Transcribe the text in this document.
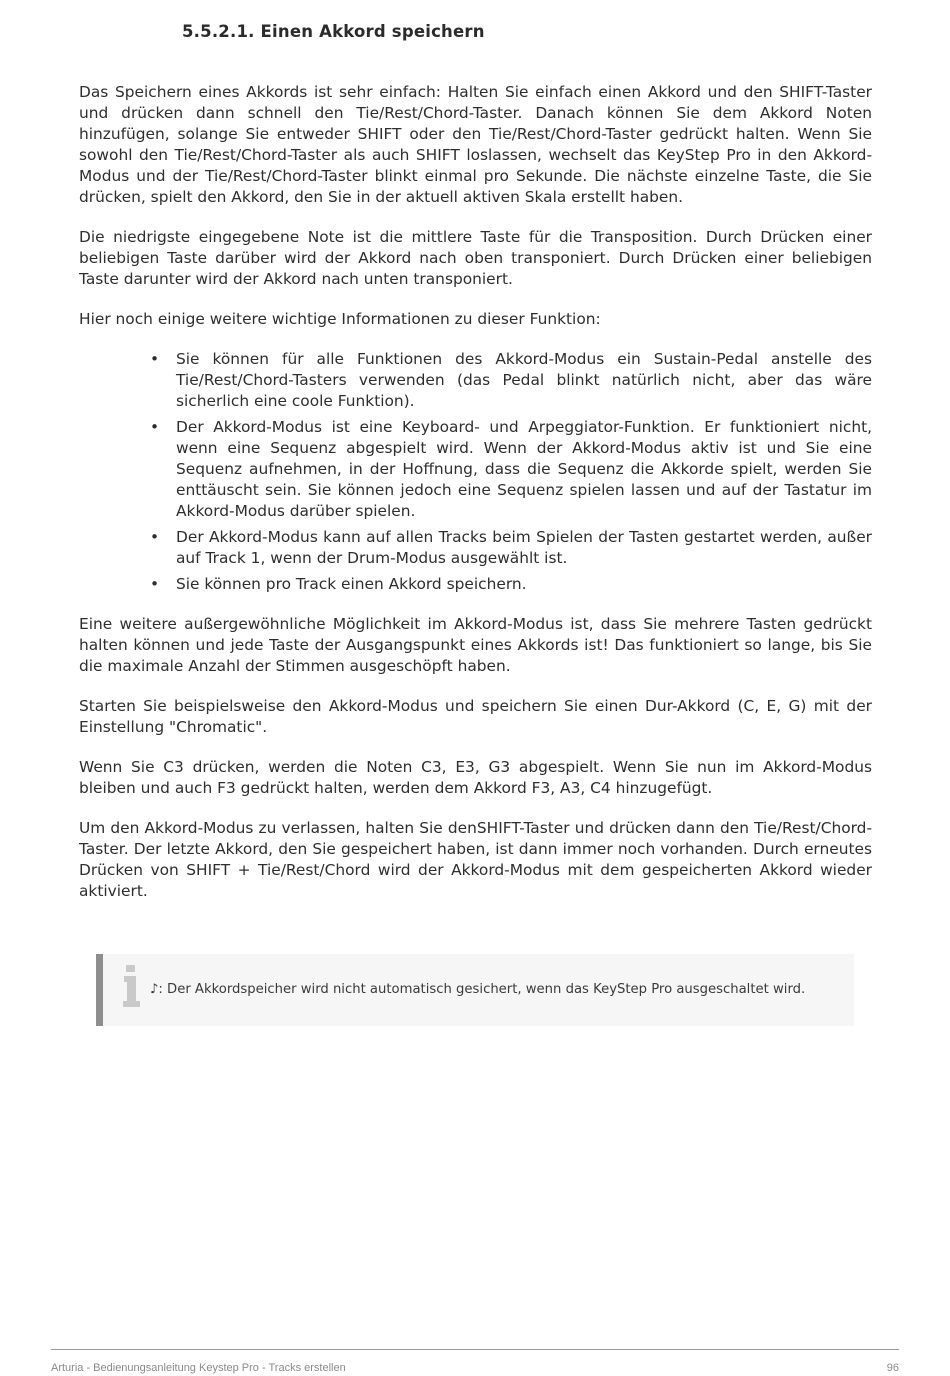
5.5.2.1. Einen Akkord speichern

Das Speichern eines Akkords ist sehr einfach: Halten Sie einfach einen Akkord und den SHIFT-Taster und drücken dann schnell den Tie/Rest/Chord-Taster. Danach können Sie dem Akkord Noten hinzufügen, solange Sie entweder SHIFT oder den Tie/Rest/Chord-Taster gedrückt halten. Wenn Sie sowohl den Tie/Rest/Chord-Taster als auch SHIFT loslassen, wechselt das KeyStep Pro in den Akkord-Modus und der Tie/Rest/Chord-Taster blinkt einmal pro Sekunde. Die nächste einzelne Taste, die Sie drücken, spielt den Akkord, den Sie in der aktuell aktiven Skala erstellt haben.

Die niedrigste eingegebene Note ist die mittlere Taste für die Transposition. Durch Drücken einer beliebigen Taste darüber wird der Akkord nach oben transponiert. Durch Drücken einer beliebigen Taste darunter wird der Akkord nach unten transponiert.

Hier noch einige weitere wichtige Informationen zu dieser Funktion:

• Sie können für alle Funktionen des Akkord-Modus ein Sustain-Pedal anstelle des Tie/Rest/Chord-Tasters verwenden (das Pedal blinkt natürlich nicht, aber das wäre sicherlich eine coole Funktion).
• Der Akkord-Modus ist eine Keyboard- und Arpeggiator-Funktion. Er funktioniert nicht, wenn eine Sequenz abgespielt wird. Wenn der Akkord-Modus aktiv ist und Sie eine Sequenz aufnehmen, in der Hoffnung, dass die Sequenz die Akkorde spielt, werden Sie enttäuscht sein. Sie können jedoch eine Sequenz spielen lassen und auf der Tastatur im Akkord-Modus darüber spielen.
• Der Akkord-Modus kann auf allen Tracks beim Spielen der Tasten gestartet werden, außer auf Track 1, wenn der Drum-Modus ausgewählt ist.
• Sie können pro Track einen Akkord speichern.

Eine weitere außergewöhnliche Möglichkeit im Akkord-Modus ist, dass Sie mehrere Tasten gedrückt halten können und jede Taste der Ausgangspunkt eines Akkords ist! Das funktioniert so lange, bis Sie die maximale Anzahl der Stimmen ausgeschöpft haben.

Starten Sie beispielsweise den Akkord-Modus und speichern Sie einen Dur-Akkord (C, E, G) mit der Einstellung "Chromatic".

Wenn Sie C3 drücken, werden die Noten C3, E3, G3 abgespielt. Wenn Sie nun im Akkord-Modus bleiben und auch F3 gedrückt halten, werden dem Akkord F3, A3, C4 hinzugefügt.

Um den Akkord-Modus zu verlassen, halten Sie denSHIFT-Taster und drücken dann den Tie/Rest/Chord-Taster. Der letzte Akkord, den Sie gespeichert haben, ist dann immer noch vorhanden. Durch erneutes Drücken von SHIFT + Tie/Rest/Chord wird der Akkord-Modus mit dem gespeicherten Akkord wieder aktiviert.

♪: Der Akkordspeicher wird nicht automatisch gesichert, wenn das KeyStep Pro ausgeschaltet wird.
Arturia - Bedienungsanleitung Keystep Pro - Tracks erstellen	96
